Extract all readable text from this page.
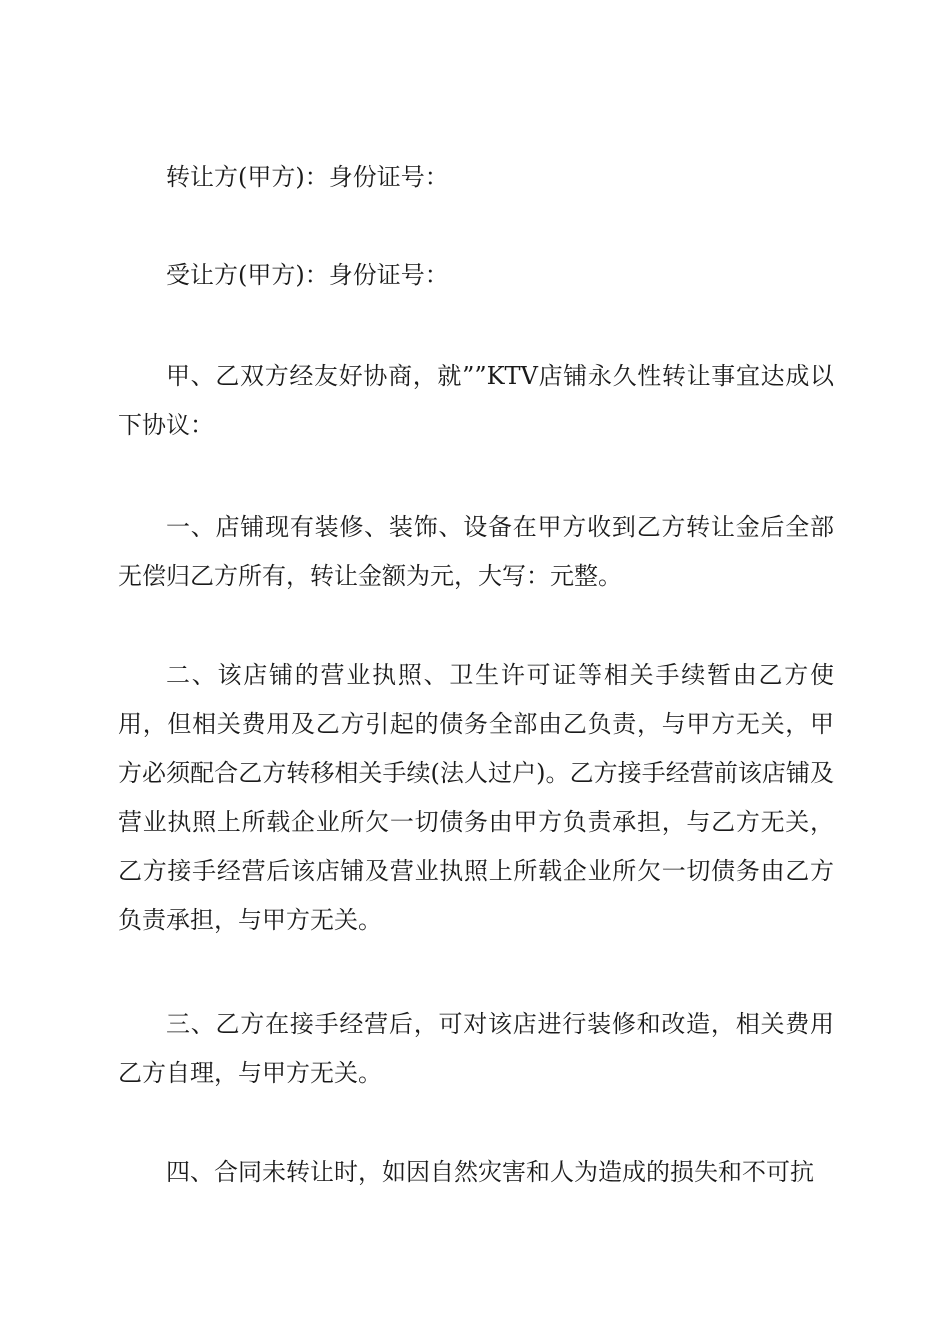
转让方(甲方)：身份证号：

受让方(甲方)：身份证号：

甲、乙双方经友好协商，就””KTV店铺永久性转让事宜达成以下协议：

一、店铺现有装修、装饰、设备在甲方收到乙方转让金后全部无偿归乙方所有，转让金额为元，大写：元整。

二、该店铺的营业执照、卫生许可证等相关手续暂由乙方使用，但相关费用及乙方引起的债务全部由乙负责，与甲方无关，甲方必须配合乙方转移相关手续(法人过户)。乙方接手经营前该店铺及营业执照上所载企业所欠一切债务由甲方负责承担，与乙方无关，乙方接手经营后该店铺及营业执照上所载企业所欠一切债务由乙方负责承担，与甲方无关。

三、乙方在接手经营后，可对该店进行装修和改造，相关费用乙方自理，与甲方无关。

四、合同未转让时，如因自然灾害和人为造成的损失和不可抗
